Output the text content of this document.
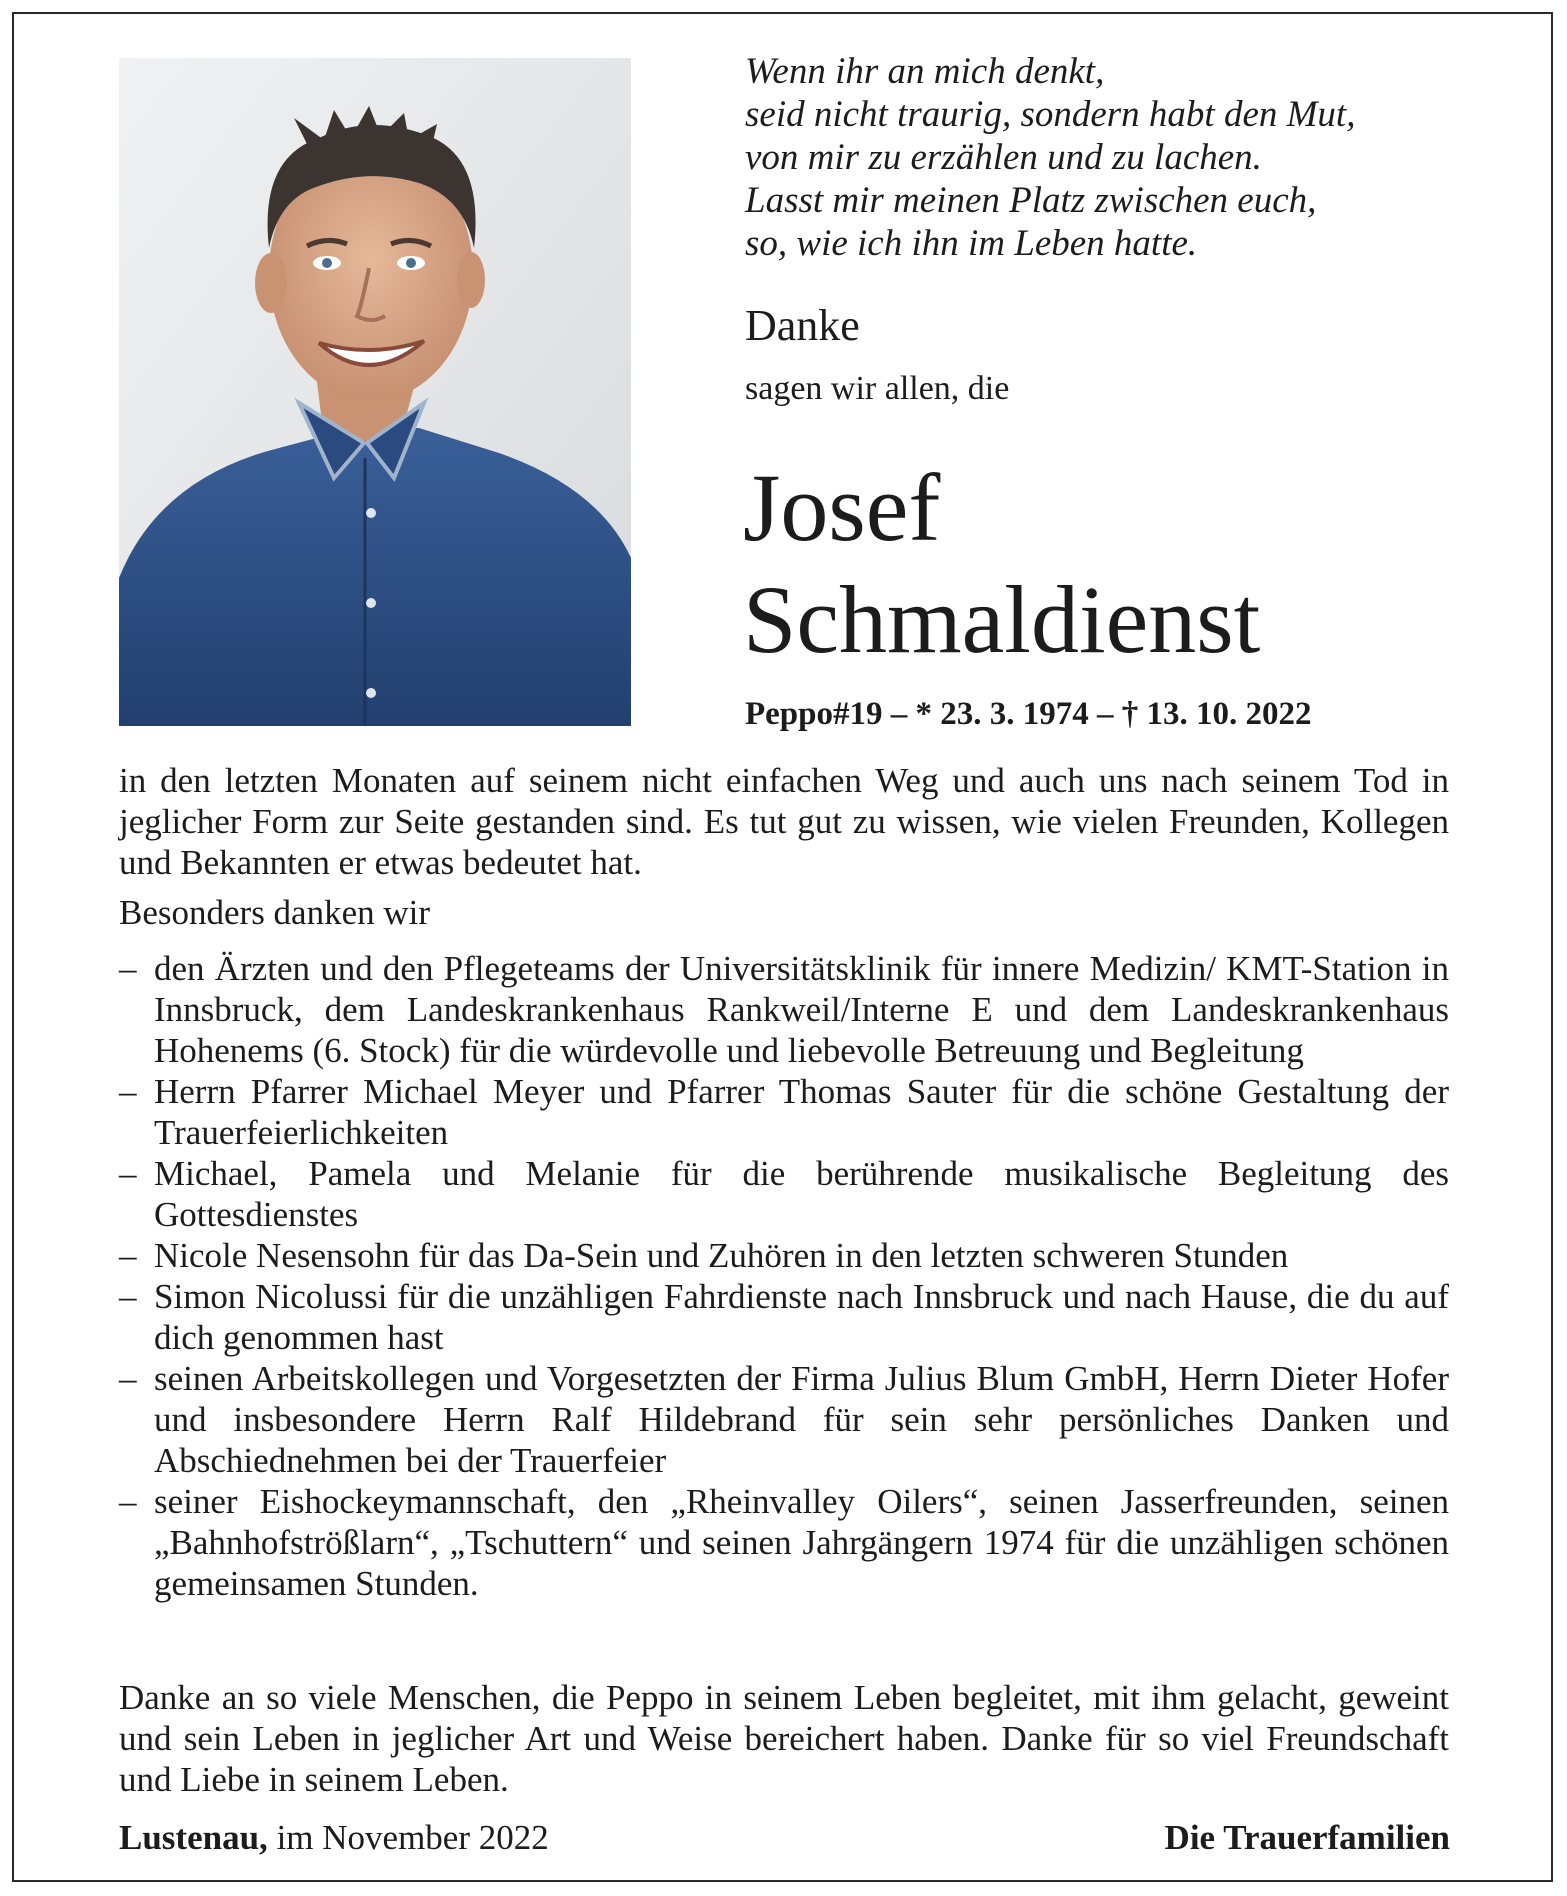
Wenn ihr an mich denkt,
seid nicht traurig, sondern habt den Mut,
von mir zu erzählen und zu lachen.
Lasst mir meinen Platz zwischen euch,
so, wie ich ihn im Leben hatte.
Danke
sagen wir allen, die
Josef
Schmaldienst
Peppo#19 – * 23. 3. 1974 – † 13. 10. 2022
in den letzten Monaten auf seinem nicht einfachen Weg und auch uns nach seinem Tod in jeglicher Form zur Seite gestanden sind. Es tut gut zu wissen, wie vielen Freunden, Kollegen und Bekannten er etwas bedeutet hat.
Besonders danken wir
– den Ärzten und den Pflegeteams der Universitätsklinik für innere Medizin/ KMT-Station in Innsbruck, dem Landeskrankenhaus Rankweil/Interne E und dem Landeskrankenhaus Hohenems (6. Stock) für die würdevolle und liebevolle Betreuung und Begleitung
– Herrn Pfarrer Michael Meyer und Pfarrer Thomas Sauter für die schöne Gestaltung der Trauerfeierlichkeiten
– Michael, Pamela und Melanie für die berührende musikalische Begleitung des Gottesdienstes
– Nicole Nesensohn für das Da-Sein und Zuhören in den letzten schweren Stunden
– Simon Nicolussi für die unzähligen Fahrdienste nach Innsbruck und nach Hause, die du auf dich genommen hast
– seinen Arbeitskollegen und Vorgesetzten der Firma Julius Blum GmbH, Herrn Dieter Hofer und insbesondere Herrn Ralf Hildebrand für sein sehr persönliches Danken und Abschiednehmen bei der Trauerfeier
– seiner Eishockeymannschaft, den „Rheinvalley Oilers“, seinen Jasserfreunden, seinen „Bahnhofströßlarn“, „Tschuttern“ und seinen Jahrgängern 1974 für die unzähligen schönen gemeinsamen Stunden.
Danke an so viele Menschen, die Peppo in seinem Leben begleitet, mit ihm gelacht, geweint und sein Leben in jeglicher Art und Weise bereichert haben. Danke für so viel Freundschaft und Liebe in seinem Leben.
Lustenau, im November 2022	Die Trauerfamilien
